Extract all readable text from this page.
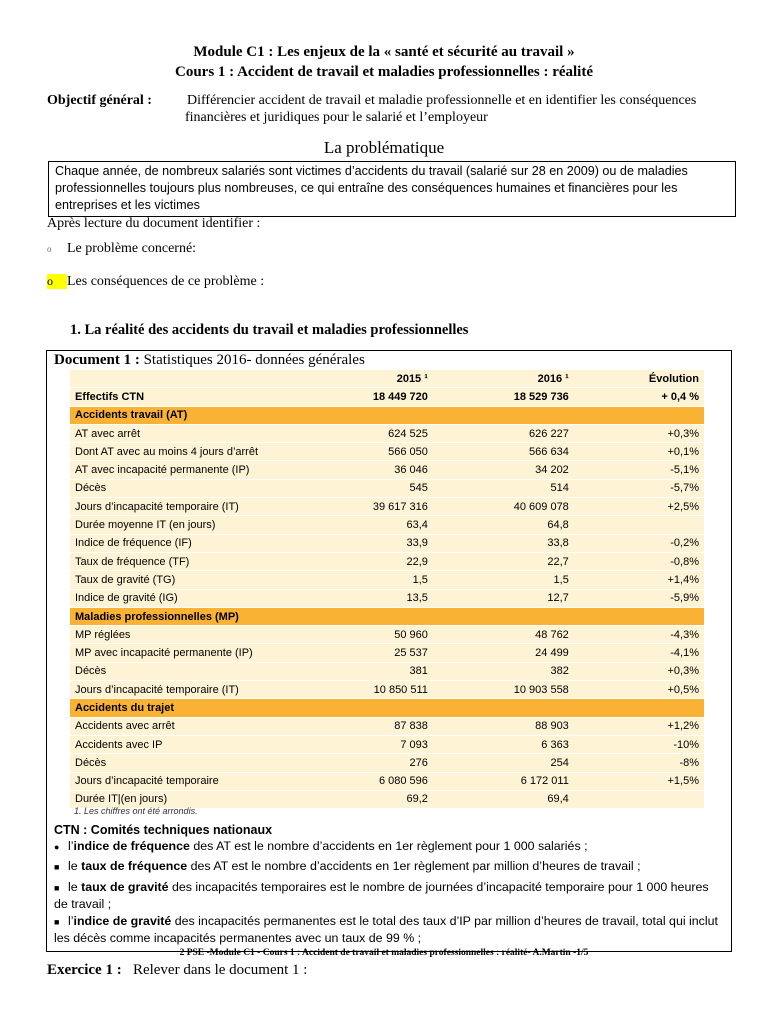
Module C1 : Les enjeux de la « santé et sécurité au travail »
Cours 1 : Accident de travail et maladies professionnelles : réalité
Objectif général :	Différencier accident de travail et maladie professionnelle et en identifier les conséquences
financières et juridiques pour le salarié et l’employeur
La problématique
Chaque année, de nombreux salariés sont victimes d’accidents du travail (salarié sur 28 en 2009) ou de maladies professionnelles toujours plus nombreuses, ce qui entraîne des conséquences humaines et financières pour les entreprises et les victimes
Après lecture du document identifier :
o Le problème concerné:
o Les conséquences de ce problème :
1. La réalité des accidents du travail et maladies professionnelles
Document 1 : Statistiques 2016- données générales
	2015 ¹	2016 ¹	Évolution
Effectifs CTN	18 449 720	18 529 736	+ 0,4 %
Accidents travail (AT)			
AT avec arrêt	624 525	626 227	+0,3%
Dont AT avec au moins 4 jours d’arrêt	566 050	566 634	+0,1%
AT avec incapacité permanente (IP)	36 046	34 202	-5,1%
Décès	545	514	-5,7%
Jours d’incapacité temporaire (IT)	39 617 316	40 609 078	+2,5%
Durée moyenne IT (en jours)	63,4	64,8	
Indice de fréquence (IF)	33,9	33,8	-0,2%
Taux de fréquence (TF)	22,9	22,7	-0,8%
Taux de gravité (TG)	1,5	1,5	+1,4%
Indice de gravité (IG)	13,5	12,7	-5,9%
Maladies professionnelles (MP)			
MP réglées	50 960	48 762	-4,3%
MP avec incapacité permanente (IP)	25 537	24 499	-4,1%
Décès	381	382	+0,3%
Jours d’incapacité temporaire (IT)	10 850 511	10 903 558	+0,5%
Accidents du trajet			
Accidents avec arrêt	87 838	88 903	+1,2%
Accidents avec IP	7 093	6 363	-10%
Décès	276	254	-8%
Jours d’incapacité temporaire	6 080 596	6 172 011	+1,5%
Durée IT|(en jours)	69,2	69,4	
1. Les chiffres ont été arrondis.
CTN : Comités techniques nationaux
● l’indice de fréquence des AT est le nombre d’accidents en 1er règlement pour 1 000 salariés ;
■ le taux de fréquence des AT est le nombre d’accidents en 1er règlement par million d’heures de travail ;
■ le taux de gravité des incapacités temporaires est le nombre de journées d’incapacité temporaire pour 1 000 heures de travail ;
■ l’indice de gravité des incapacités permanentes est le total des taux d’IP par million d’heures de travail, total qui inclut les décès comme incapacités permanentes avec un taux de 99 % ;
2 PSE -Module C1 - Cours 1 : Accident de travail et maladies professionnelles : réalité- A.Martin -1/5
Exercice 1 : Relever dans le document 1 :
